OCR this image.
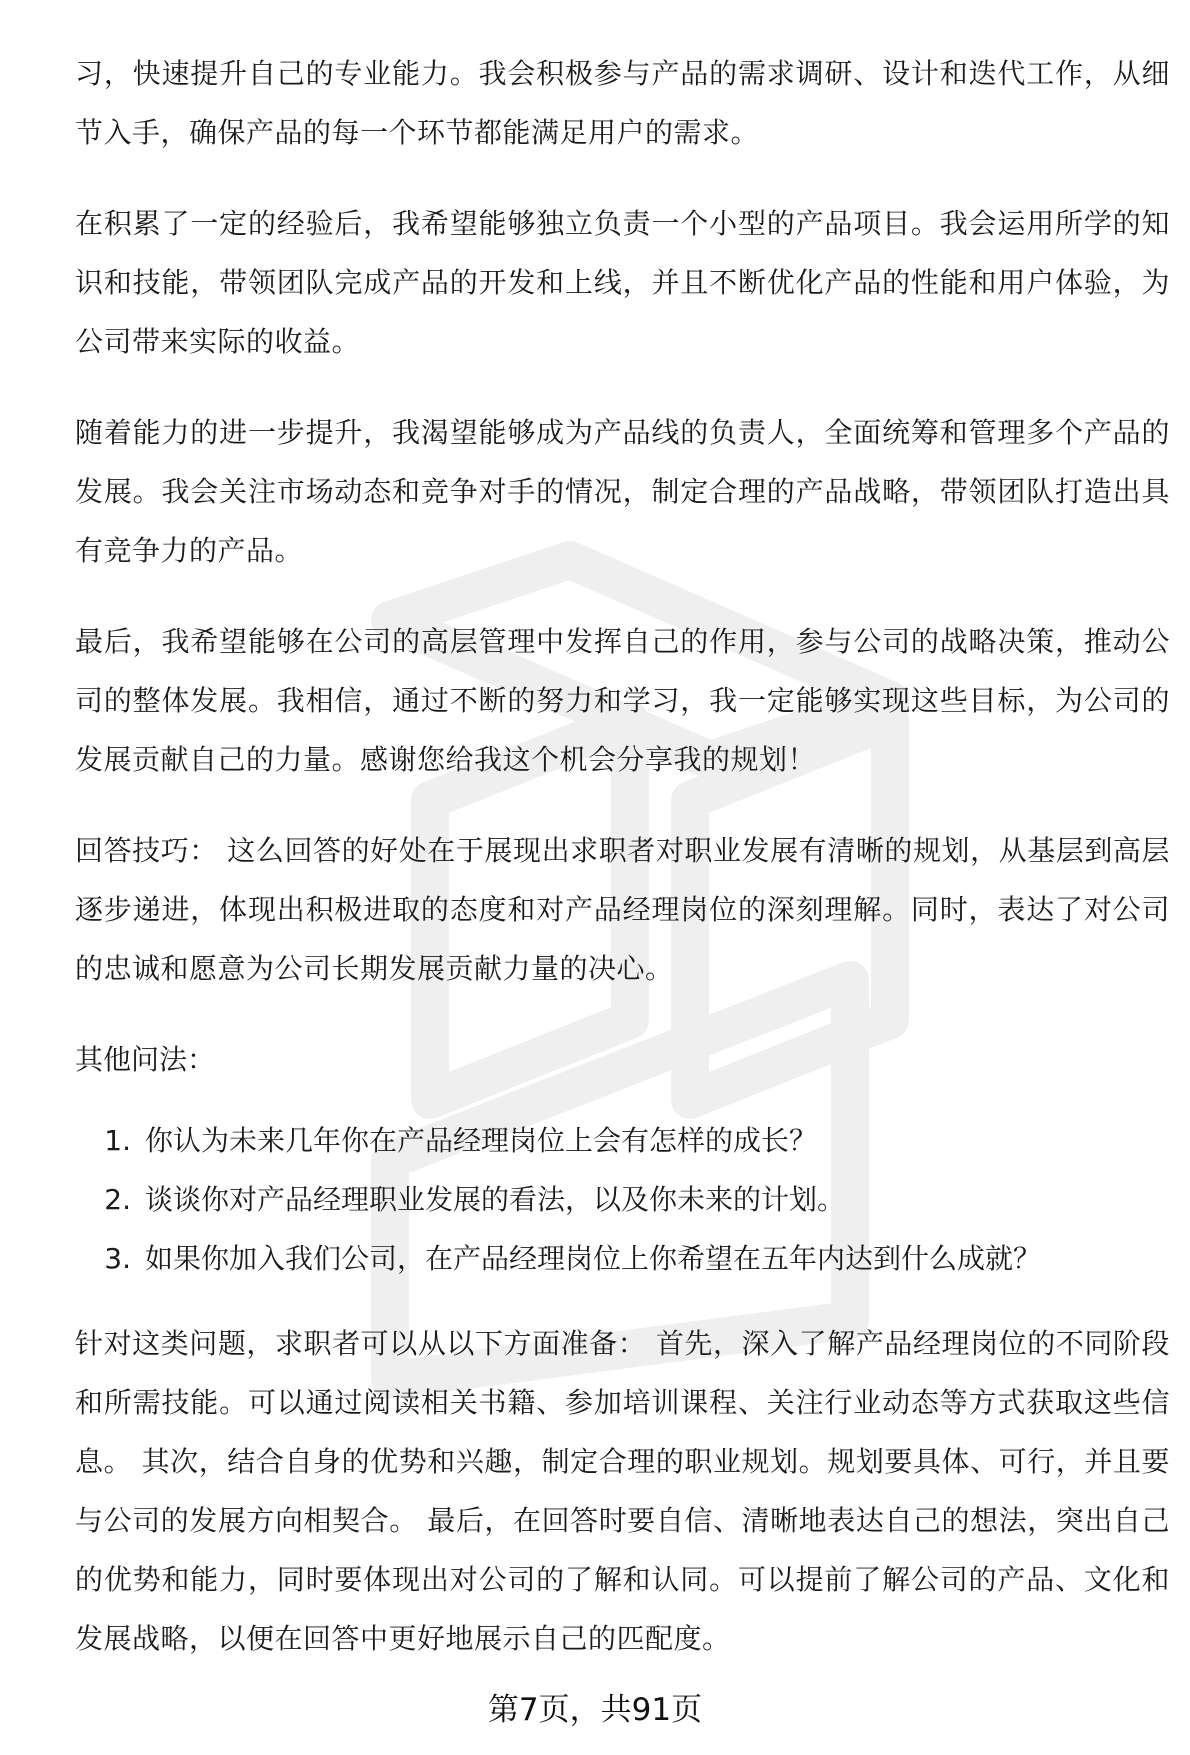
习，快速提升自己的专业能力。我会积极参与产品的需求调研、设计和迭代工作，从细节入手，确保产品的每一个环节都能满足用户的需求。

在积累了一定的经验后，我希望能够独立负责一个小型的产品项目。我会运用所学的知识和技能，带领团队完成产品的开发和上线，并且不断优化产品的性能和用户体验，为公司带来实际的收益。

随着能力的进一步提升，我渴望能够成为产品线的负责人，全面统筹和管理多个产品的发展。我会关注市场动态和竞争对手的情况，制定合理的产品战略，带领团队打造出具有竞争力的产品。

最后，我希望能够在公司的高层管理中发挥自己的作用，参与公司的战略决策，推动公司的整体发展。我相信，通过不断的努力和学习，我一定能够实现这些目标，为公司的发展贡献自己的力量。感谢您给我这个机会分享我的规划！

回答技巧： 这么回答的好处在于展现出求职者对职业发展有清晰的规划，从基层到高层逐步递进，体现出积极进取的态度和对产品经理岗位的深刻理解。同时，表达了对公司的忠诚和愿意为公司长期发展贡献力量的决心。

其他问法：
1. 你认为未来几年你在产品经理岗位上会有怎样的成长？
2. 谈谈你对产品经理职业发展的看法，以及你未来的计划。
3. 如果你加入我们公司，在产品经理岗位上你希望在五年内达到什么成就？

针对这类问题，求职者可以从以下方面准备： 首先，深入了解产品经理岗位的不同阶段和所需技能。可以通过阅读相关书籍、参加培训课程、关注行业动态等方式获取这些信息。 其次，结合自身的优势和兴趣，制定合理的职业规划。规划要具体、可行，并且要与公司的发展方向相契合。 最后，在回答时要自信、清晰地表达自己的想法，突出自己的优势和能力，同时要体现出对公司的了解和认同。可以提前了解公司的产品、文化和发展战略，以便在回答中更好地展示自己的匹配度。

第7页，共91页
